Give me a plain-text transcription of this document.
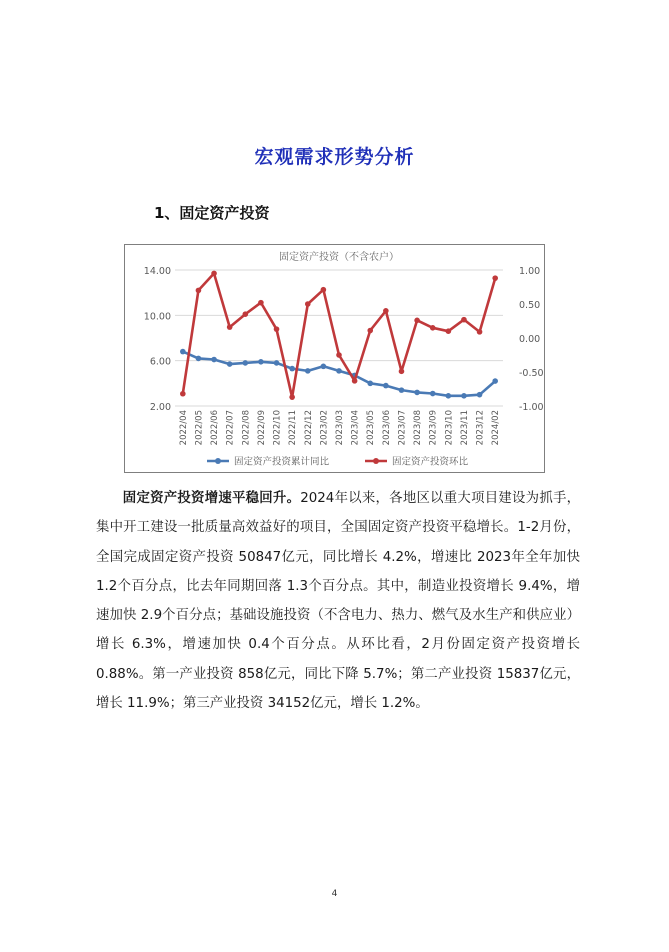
宏观需求形势分析
1、固定资产投资
固定资产投资（不含农户）
14.00
10.00
6.00
2.00
1.00
0.50
0.00
-0.50
-1.00
2022/04 2022/05 2022/06 2022/07 2022/08 2022/09 2022/10 2022/11 2022/12 2023/02 2023/03 2023/04 2023/05 2023/06 2023/07 2023/08 2023/09 2023/10 2023/11 2023/12 2024/02
固定资产投资累计同比	固定资产投资环比
固定资产投资增速平稳回升。2024年以来，各地区以重大项目建设为抓手，集中开工建设一批质量高效益好的项目，全国固定资产投资平稳增长。1-2月份，全国完成固定资产投资 50847亿元，同比增长 4.2%，增速比 2023年全年加快 1.2个百分点，比去年同期回落 1.3个百分点。其中，制造业投资增长 9.4%，增速加快 2.9个百分点；基础设施投资（不含电力、热力、燃气及水生产和供应业）增长 6.3%，增速加快 0.4个百分点。从环比看，2月份固定资产投资增长 0.88%。第一产业投资 858亿元，同比下降 5.7%；第二产业投资 15837亿元，增长 11.9%；第三产业投资 34152亿元，增长 1.2%。
4
